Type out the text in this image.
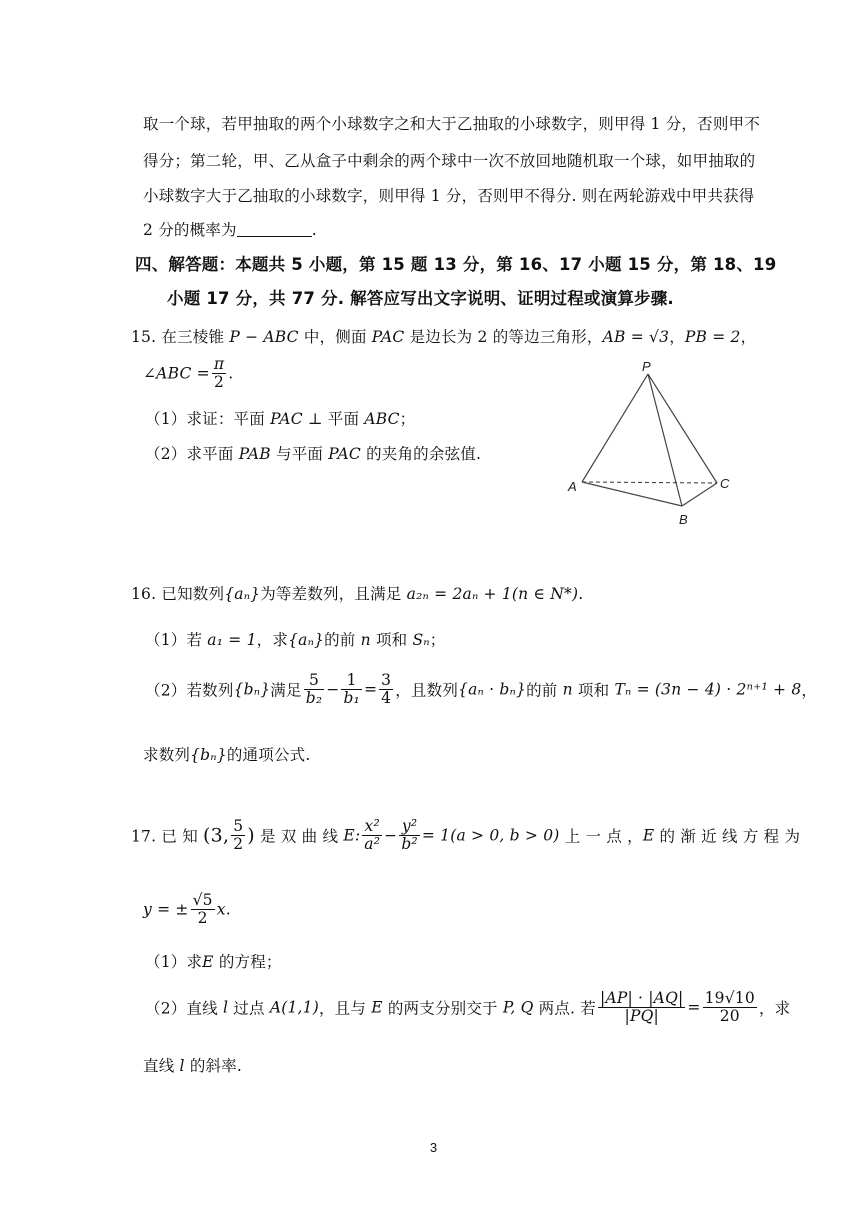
取一个球，若甲抽取的两个小球数字之和大于乙抽取的小球数字，则甲得 1 分，否则甲不
得分；第二轮，甲、乙从盒子中剩余的两个球中一次不放回地随机取一个球，如甲抽取的
小球数字大于乙抽取的小球数字，则甲得 1 分，否则甲不得分. 则在两轮游戏中甲共获得
2 分的概率为	.
四、解答题：本题共 5 小题，第 15 题 13 分，第 16、17 小题 15 分，第 18、19
小题 17 分，共 77 分. 解答应写出文字说明、证明过程或演算步骤.
15. 在三棱锥 P − ABC 中，侧面 PAC 是边长为 2 的等边三角形，AB = √3，PB = 2，
∠ABC = $\frac{\pi}{2}$ .
（1）求证：平面 PAC ⊥ 平面 ABC；
（2）求平面 PAB 与平面 PAC 的夹角的余弦值.
P
A
B
C
16. 已知数列{aₙ}为等差数列，且满足 a₂ₙ = 2aₙ + 1(n ∈ N*).
（1）若 a₁ = 1，求{aₙ}的前 n 项和 Sₙ；
（2）若数列{bₙ}满足 $\frac{5}{\text{b₂}} - \frac{1}{\text{b₁}} = \frac{3}{4}$ ，且数列{aₙ · bₙ}的前 n 项和 Tₙ = (3n − 4) · 2ⁿ⁺¹ + 8，
求数列{bₙ}的通项公式.
17. 已 知 (3, $\frac{5}{2}$ ) 是 双 曲 线 E: $\frac{\text{x²}}{\text{a²}} - \frac{\text{y²}}{\text{b²}} = 1(a > 0$, b > 0) 上 一 点 ，E 的 渐 近 线 方 程 为
y = ± $\frac{√5}{2} x$.
（1）求E 的方程；
（2）直线 l 过点 A(1,1)，且与 E 的两支分别交于 P, Q 两点. 若 $\frac{|AP| \cdot |AQ|}{|PQ|} = \frac{19√10}{20}$ ，求
直线 l 的斜率.
3
